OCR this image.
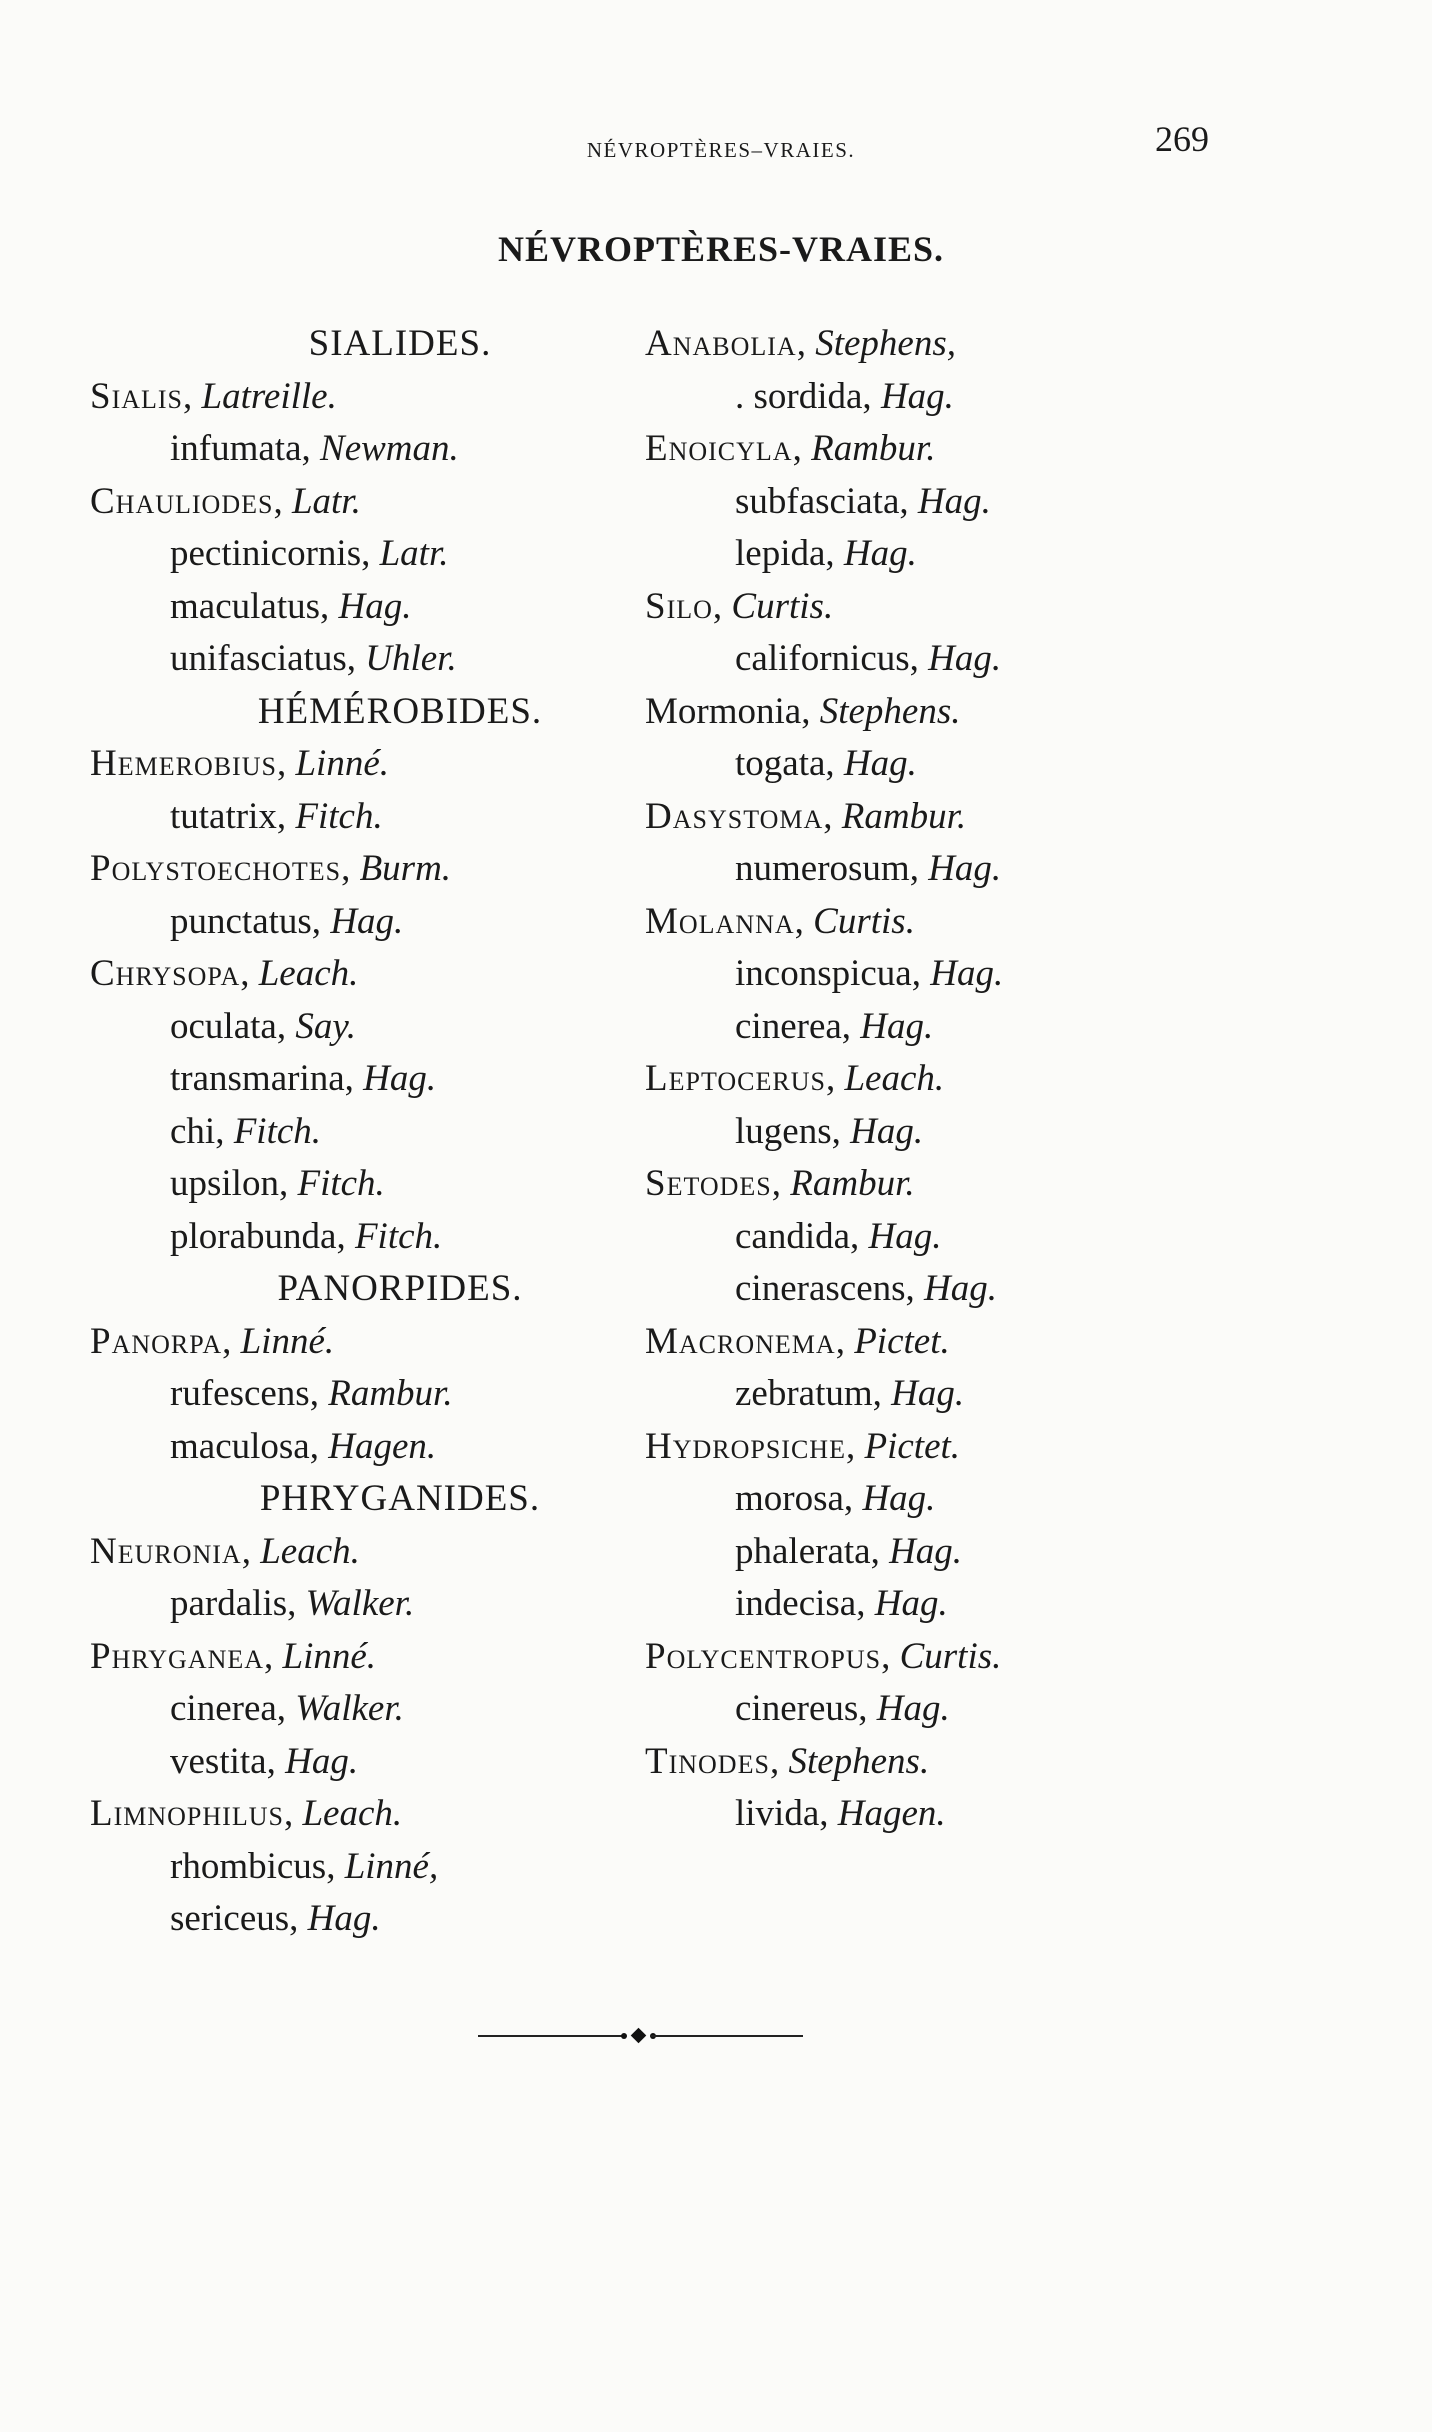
NÉVROPTÈRES–VRAIES.	269
NÉVROPTÈRES-VRAIES.
SIALIDES.
Sialis, Latreille.
infumata, Newman.
Chauliodes, Latr.
pectinicornis, Latr.
maculatus, Hag.
unifasciatus, Uhler.
HÉMÉROBIDES.
Hemerobius, Linné.
tutatrix, Fitch.
Polystoechotes, Burm.
punctatus, Hag.
Chrysopa, Leach.
oculata, Say.
transmarina, Hag.
chi, Fitch.
upsilon, Fitch.
plorabunda, Fitch.
PANORPIDES.
Panorpa, Linné.
rufescens, Rambur.
maculosa, Hagen.
PHRYGANIDES.
Neuronia, Leach.
pardalis, Walker.
Phryganea, Linné.
cinerea, Walker.
vestita, Hag.
Limnophilus, Leach.
rhombicus, Linné,
sericeus, Hag.
Anabolia, Stephens,
. sordida, Hag.
Enoicyla, Rambur.
subfasciata, Hag.
lepida, Hag.
Silo, Curtis.
californicus, Hag.
Mormonia, Stephens.
togata, Hag.
Dasystoma, Rambur.
numerosum, Hag.
Molanna, Curtis.
inconspicua, Hag.
cinerea, Hag.
Leptocerus, Leach.
lugens, Hag.
Setodes, Rambur.
candida, Hag.
cinerascens, Hag.
Macronema, Pictet.
zebratum, Hag.
Hydropsiche, Pictet.
morosa, Hag.
phalerata, Hag.
indecisa, Hag.
Polycentropus, Curtis.
cinereus, Hag.
Tinodes, Stephens.
livida, Hagen.
